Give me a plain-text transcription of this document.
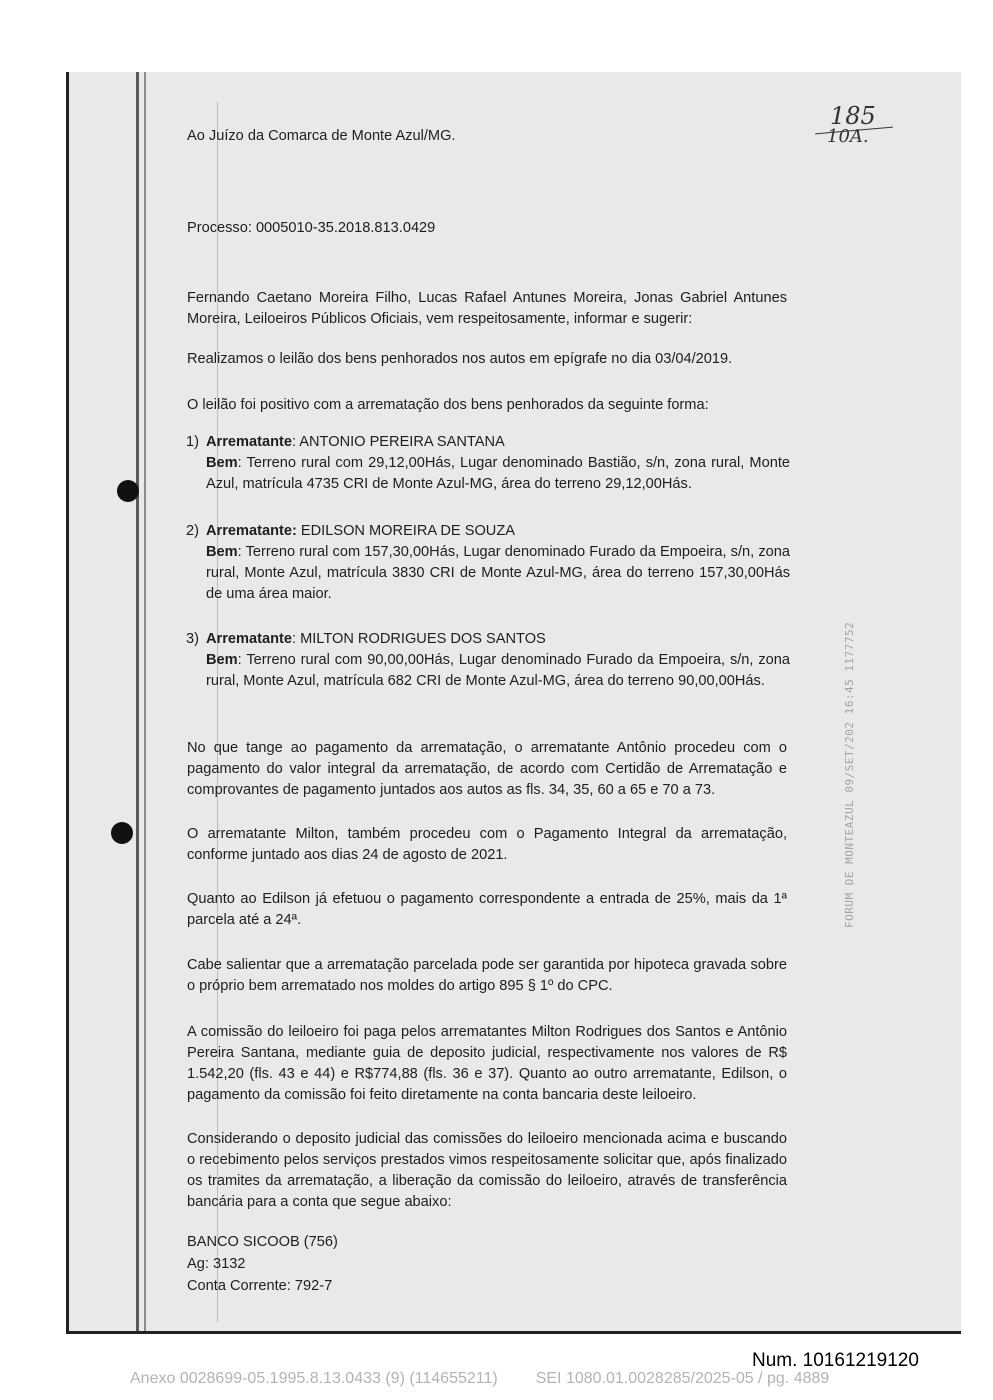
Ao Juízo da Comarca de Monte Azul/MG.

Processo: 0005010-35.2018.813.0429

Fernando Caetano Moreira Filho, Lucas Rafael Antunes Moreira, Jonas Gabriel Antunes Moreira, Leiloeiros Públicos Oficiais, vem respeitosamente, informar e sugerir:

Realizamos o leilão dos bens penhorados nos autos em epígrafe no dia 03/04/2019.

O leilão foi positivo com a arrematação dos bens penhorados da seguinte forma:

1) Arrematante: ANTONIO PEREIRA SANTANA
Bem: Terreno rural com 29,12,00Hás, Lugar denominado Bastião, s/n, zona rural, Monte Azul, matrícula 4735 CRI de Monte Azul-MG, área do terreno 29,12,00Hás.
2) Arrematante: EDILSON MOREIRA DE SOUZA
Bem: Terreno rural com 157,30,00Hás, Lugar denominado Furado da Empoeira, s/n, zona rural, Monte Azul, matrícula 3830 CRI de Monte Azul-MG, área do terreno 157,30,00Hás de uma área maior.
3) Arrematante: MILTON RODRIGUES DOS SANTOS
Bem: Terreno rural com 90,00,00Hás, Lugar denominado Furado da Empoeira, s/n, zona rural, Monte Azul, matrícula 682 CRI de Monte Azul-MG, área do terreno 90,00,00Hás.

No que tange ao pagamento da arrematação, o arrematante Antônio procedeu com o pagamento do valor integral da arrematação, de acordo com Certidão de Arrematação e comprovantes de pagamento juntados aos autos as fls. 34, 35, 60 a 65 e 70 a 73.

O arrematante Milton, também procedeu com o Pagamento Integral da arrematação, conforme juntado aos dias 24 de agosto de 2021.

Quanto ao Edilson já efetuou o pagamento correspondente a entrada de 25%, mais da 1ª parcela até a 24ª.

Cabe salientar que a arrematação parcelada pode ser garantida por hipoteca gravada sobre o próprio bem arrematado nos moldes do artigo 895 § 1º do CPC.

A comissão do leiloeiro foi paga pelos arrematantes Milton Rodrigues dos Santos e Antônio Pereira Santana, mediante guia de deposito judicial, respectivamente nos valores de R$ 1.542,20 (fls. 43 e 44) e R$774,88 (fls. 36 e 37). Quanto ao outro arrematante, Edilson, o pagamento da comissão foi feito diretamente na conta bancaria deste leiloeiro.

Considerando o deposito judicial das comissões do leiloeiro mencionada acima e buscando o recebimento pelos serviços prestados vimos respeitosamente solicitar que, após finalizado os tramites da arrematação, a liberação da comissão do leiloeiro, através de transferência bancária para a conta que segue abaixo:

BANCO SICOOB (756)

Ag: 3132

Conta Corrente: 792-7

185
10A.
FORUM DE MONTEAZUL 09/SET/202 16:45 1177752
Num. 10161219120
Anexo 0028699-05.1995.8.13.0433 (9) (114655211) SEI 1080.01.0028285/2025-05 / pg. 4889
